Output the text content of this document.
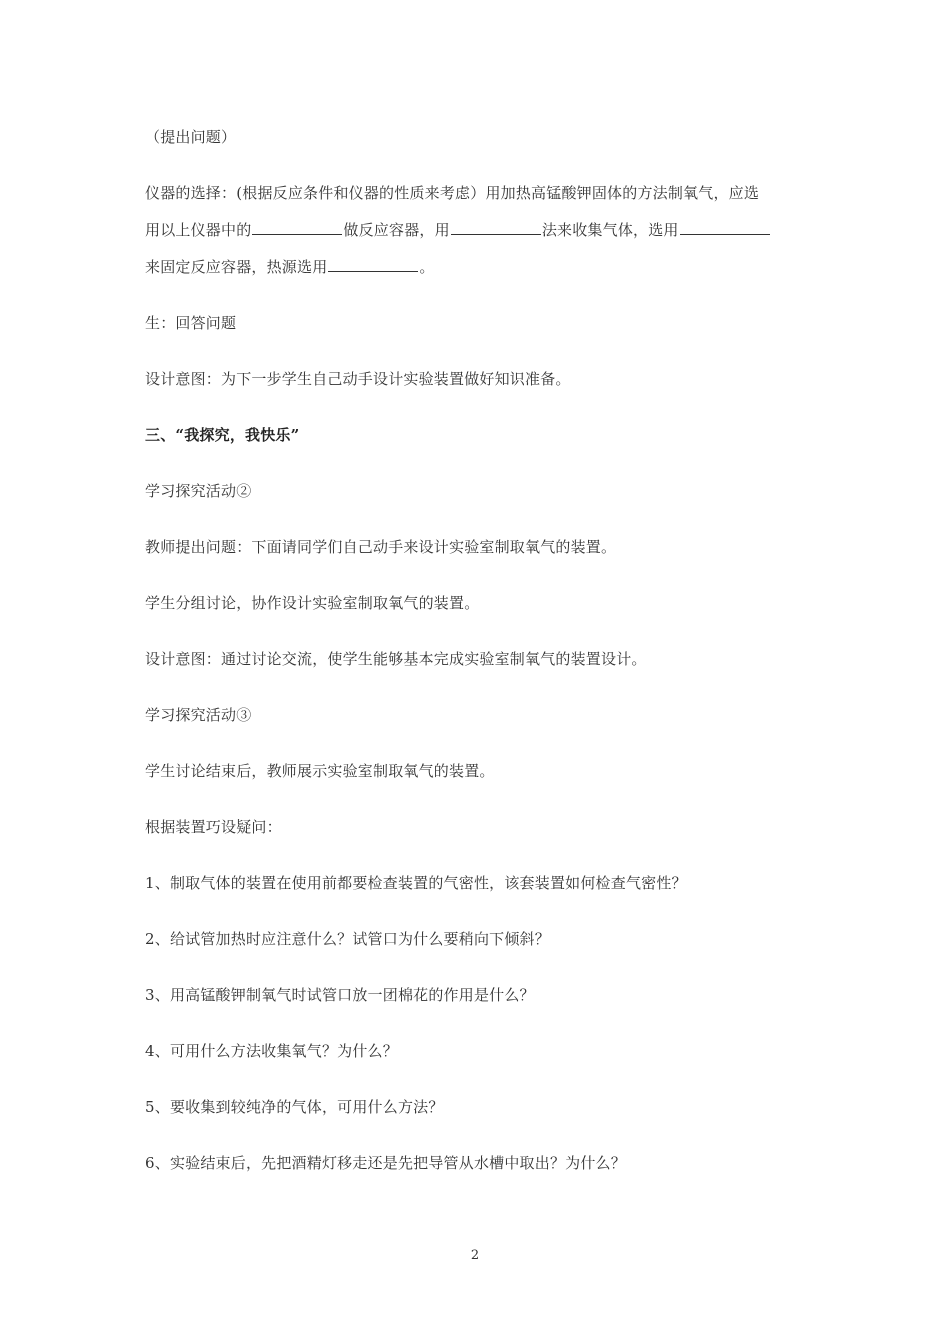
（提出问题）
仪器的选择：(根据反应条件和仪器的性质来考虑）用加热高锰酸钾固体的方法制氧气，应选
用以上仪器中的	做反应容器，用	法来收集气体，选用
来固定反应容器，热源选用	。
生：回答问题
设计意图：为下一步学生自己动手设计实验装置做好知识准备。
三、“我探究，我快乐”
学习探究活动②
教师提出问题：下面请同学们自己动手来设计实验室制取氧气的装置。
学生分组讨论，协作设计实验室制取氧气的装置。
设计意图：通过讨论交流，使学生能够基本完成实验室制氧气的装置设计。
学习探究活动③
学生讨论结束后，教师展示实验室制取氧气的装置。
根据装置巧设疑问：
1、制取气体的装置在使用前都要检查装置的气密性，该套装置如何检查气密性？
2、给试管加热时应注意什么？试管口为什么要稍向下倾斜？
3、用高锰酸钾制氧气时试管口放一团棉花的作用是什么？
4、可用什么方法收集氧气？为什么？
5、要收集到较纯净的气体，可用什么方法？
6、实验结束后，先把酒精灯移走还是先把导管从水槽中取出？为什么？
2
